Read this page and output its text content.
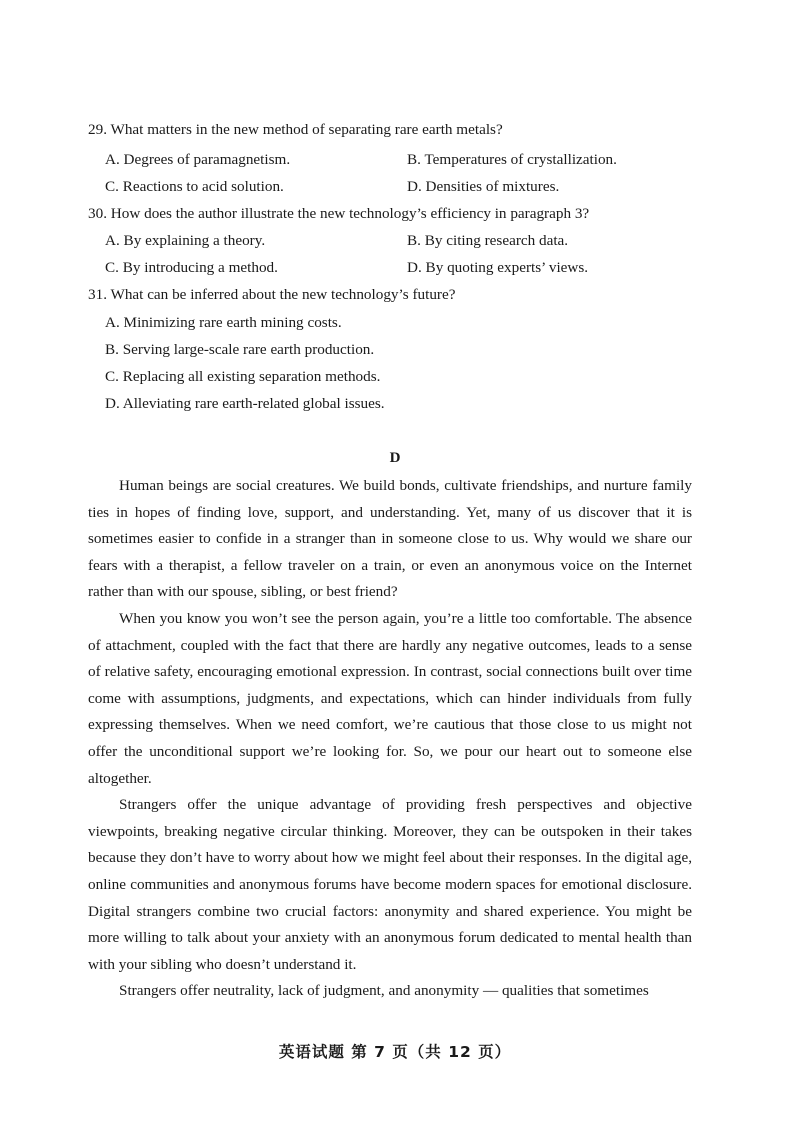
29. What matters in the new method of separating rare earth metals?
A. Degrees of paramagnetism.	B. Temperatures of crystallization.
C. Reactions to acid solution.	D. Densities of mixtures.
30. How does the author illustrate the new technology’s efficiency in paragraph 3?
A. By explaining a theory.	B. By citing research data.
C. By introducing a method.	D. By quoting experts’ views.
31. What can be inferred about the new technology’s future?
A. Minimizing rare earth mining costs.
B. Serving large-scale rare earth production.
C. Replacing all existing separation methods.
D. Alleviating rare earth-related global issues.
D

Human beings are social creatures. We build bonds, cultivate friendships, and nurture family ties in hopes of finding love, support, and understanding. Yet, many of us discover that it is sometimes easier to confide in a stranger than in someone close to us. Why would we share our fears with a therapist, a fellow traveler on a train, or even an anonymous voice on the Internet rather than with our spouse, sibling, or best friend?

When you know you won’t see the person again, you’re a little too comfortable. The absence of attachment, coupled with the fact that there are hardly any negative outcomes, leads to a sense of relative safety, encouraging emotional expression. In contrast, social connections built over time come with assumptions, judgments, and expectations, which can hinder individuals from fully expressing themselves. When we need comfort, we’re cautious that those close to us might not offer the unconditional support we’re looking for. So, we pour our heart out to someone else altogether.

Strangers offer the unique advantage of providing fresh perspectives and objective viewpoints, breaking negative circular thinking. Moreover, they can be outspoken in their takes because they don’t have to worry about how we might feel about their responses. In the digital age, online communities and anonymous forums have become modern spaces for emotional disclosure. Digital strangers combine two crucial factors: anonymity and shared experience. You might be more willing to talk about your anxiety with an anonymous forum dedicated to mental health than with your sibling who doesn’t understand it.

Strangers offer neutrality, lack of judgment, and anonymity — qualities that sometimes

英语试题 第 7 页（共 12 页）
